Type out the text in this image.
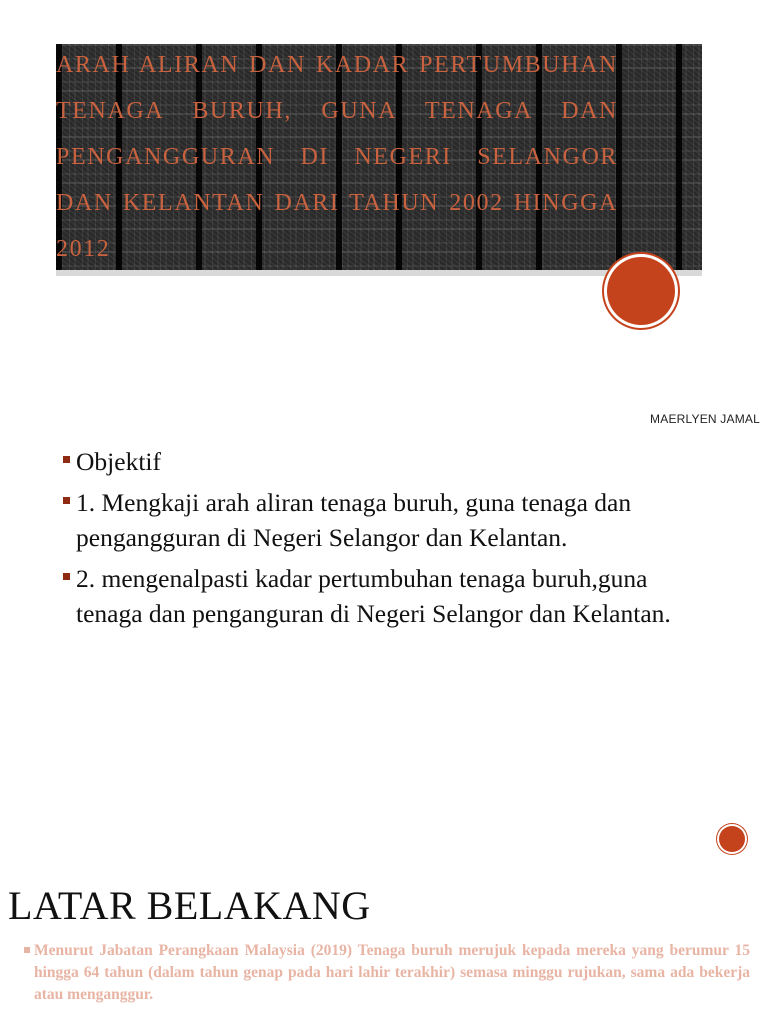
ARAH ALIRAN DAN KADAR PERTUMBUHAN TENAGA BURUH, GUNA TENAGA DAN PENGANGGURAN DI NEGERI SELANGOR DAN KELANTAN DARI TAHUN 2002 HINGGA 2012

MAERLYEN JAMAL
Objektif
1. Mengkaji arah aliran tenaga buruh, guna tenaga dan pengangguran di Negeri Selangor dan Kelantan.
2. mengenalpasti kadar pertumbuhan tenaga buruh,guna tenaga dan penganguran di Negeri Selangor dan Kelantan.
LATAR BELAKANG

Menurut Jabatan Perangkaan Malaysia (2019) Tenaga buruh merujuk kepada mereka yang berumur 15 hingga 64 tahun (dalam tahun genap pada hari lahir terakhir) semasa minggu rujukan, sama ada bekerja atau menganggur.
